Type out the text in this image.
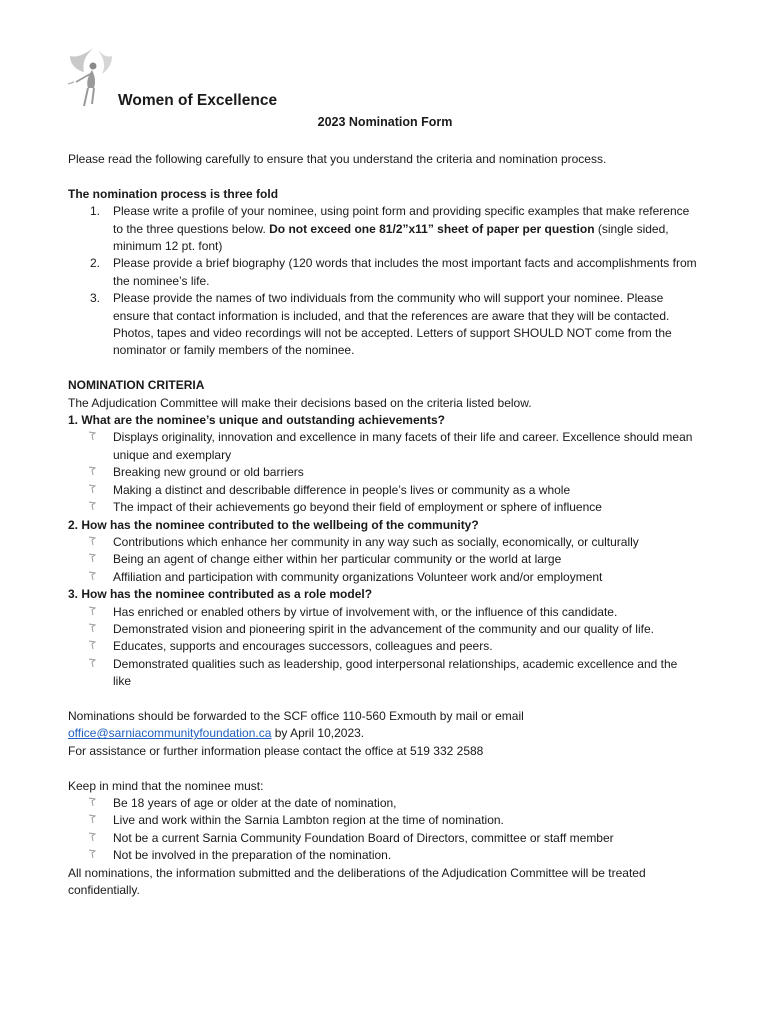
Women of Excellence
2023 Nomination Form

Please read the following carefully to ensure that you understand the criteria and nomination process.

The nomination process is three fold

1. Please write a profile of your nominee, using point form and providing specific examples that make reference to the three questions below. Do not exceed one 81/2”x11” sheet of paper per question (single sided, minimum 12 pt. font)
2. Please provide a brief biography (120 words that includes the most important facts and accomplishments from the nominee’s life.
3. Please provide the names of two individuals from the community who will support your nominee. Please ensure that contact information is included, and that the references are aware that they will be contacted. Photos, tapes and video recordings will not be accepted. Letters of support SHOULD NOT come from the nominator or family members of the nominee.

NOMINATION CRITERIA

The Adjudication Committee will make their decisions based on the criteria listed below.

1. What are the nominee’s unique and outstanding achievements?

Displays originality, innovation and excellence in many facets of their life and career. Excellence should mean unique and exemplary
Breaking new ground or old barriers
Making a distinct and describable difference in people’s lives or community as a whole
The impact of their achievements go beyond their field of employment or sphere of influence

2. How has the nominee contributed to the wellbeing of the community?

Contributions which enhance her community in any way such as socially, economically, or culturally
Being an agent of change either within her particular community or the world at large
Affiliation and participation with community organizations Volunteer work and/or employment

3. How has the nominee contributed as a role model?

Has enriched or enabled others by virtue of involvement with, or the influence of this candidate.
Demonstrated vision and pioneering spirit in the advancement of the community and our quality of life.
Educates, supports and encourages successors, colleagues and peers.
Demonstrated qualities such as leadership, good interpersonal relationships, academic excellence and the like

Nominations should be forwarded to the SCF office 110-560 Exmouth by mail or email

office@sarniacommunityfoundation.ca by April 10,2023.

For assistance or further information please contact the office at 519 332 2588

Keep in mind that the nominee must:

Be 18 years of age or older at the date of nomination,
Live and work within the Sarnia Lambton region at the time of nomination.
Not be a current Sarnia Community Foundation Board of Directors, committee or staff member
Not be involved in the preparation of the nomination.

All nominations, the information submitted and the deliberations of the Adjudication Committee will be treated confidentially.
